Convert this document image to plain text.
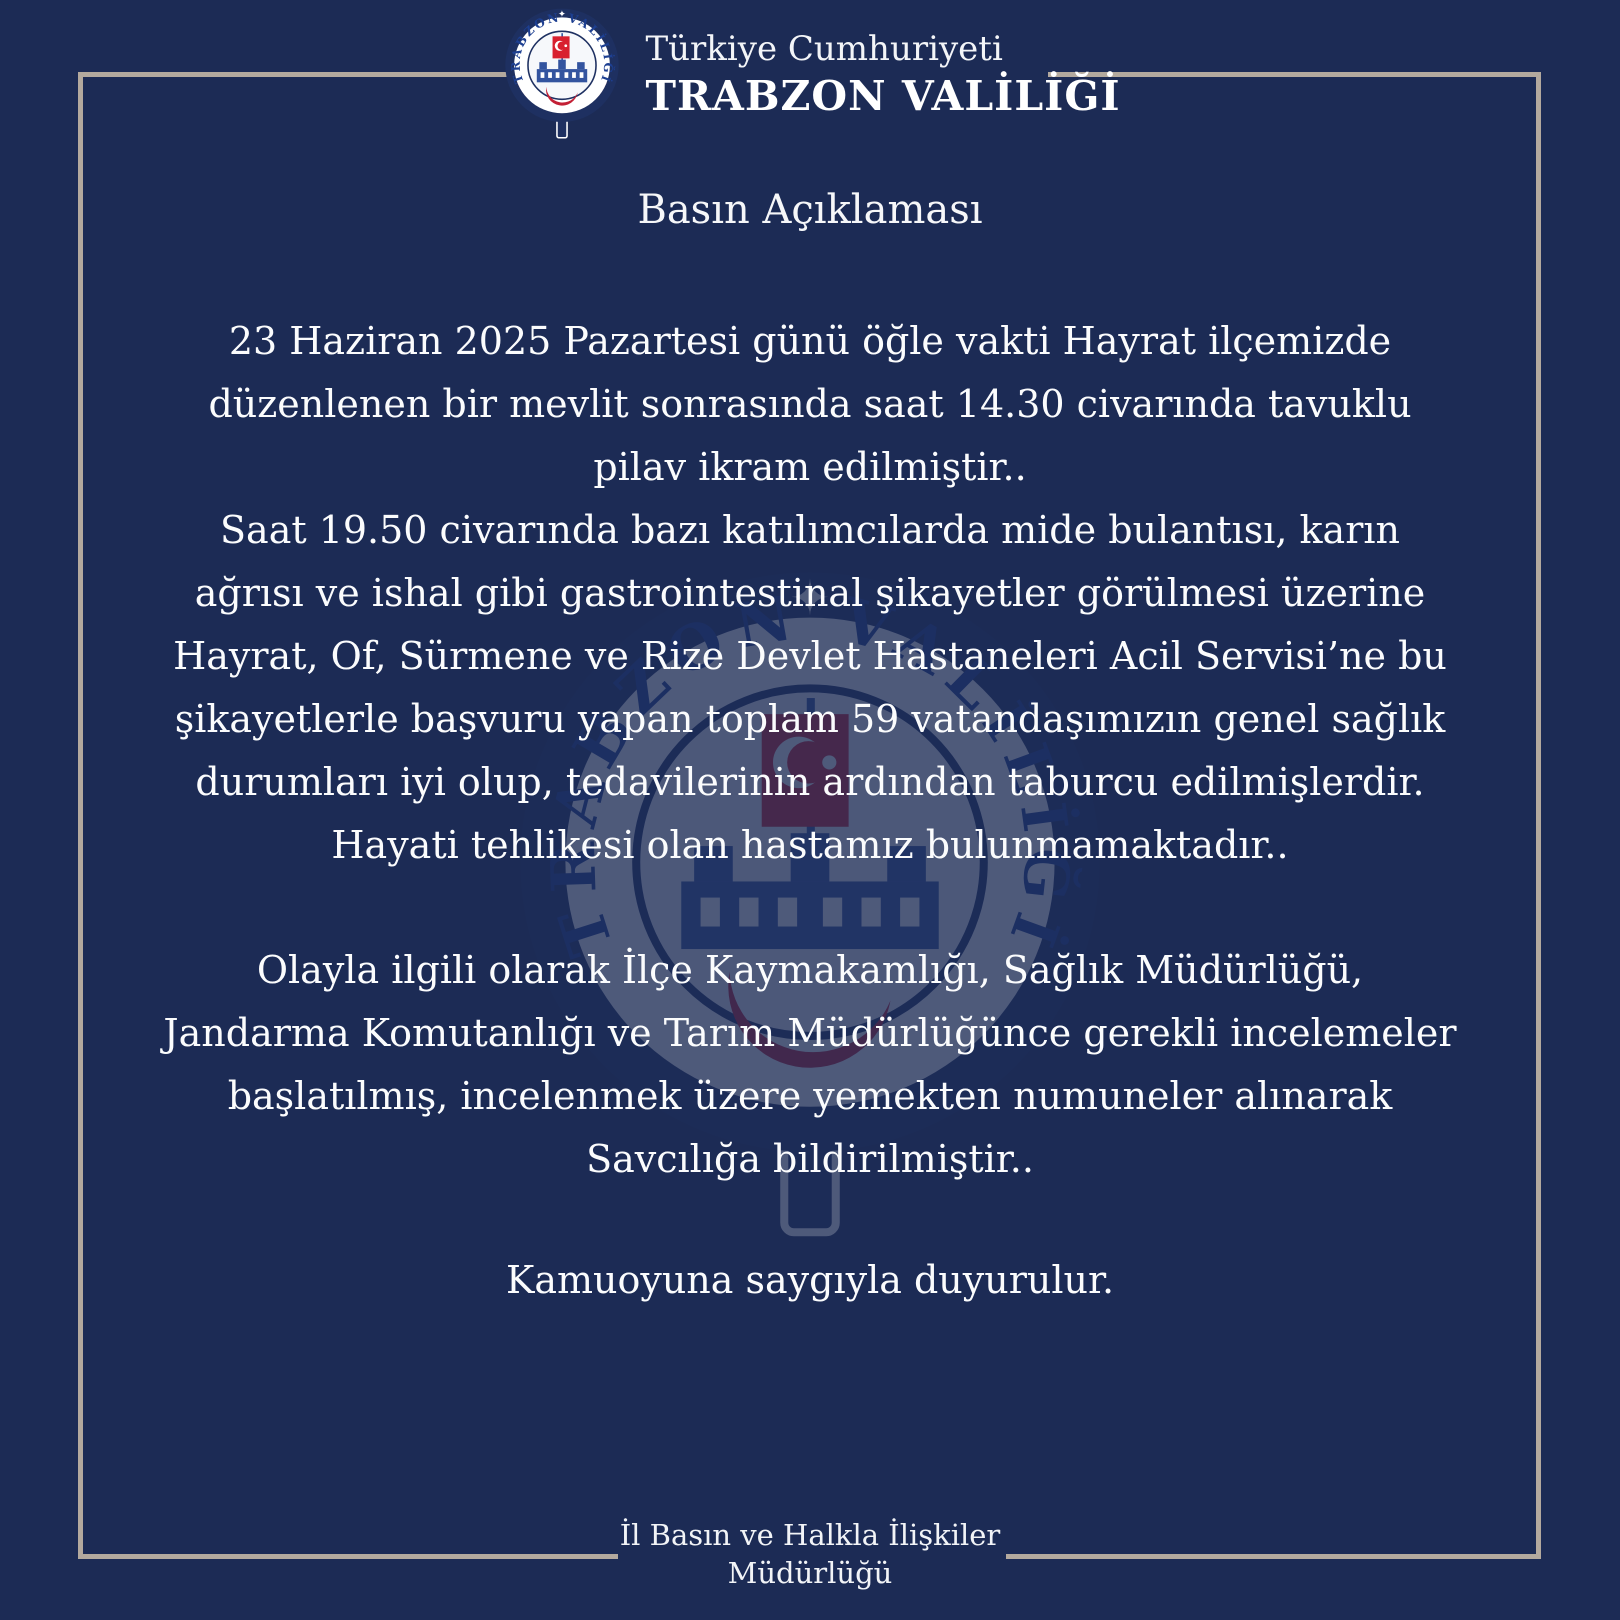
Türkiye Cumhuriyeti
TRABZON VALİLİĞİ
Basın Açıklaması

23 Haziran 2025 Pazartesi günü öğle vakti Hayrat ilçemizde düzenlenen bir mevlit sonrasında saat 14.30 civarında tavuklu pilav ikram edilmiştir..

Saat 19.50 civarında bazı katılımcılarda mide bulantısı, karın ağrısı ve ishal gibi gastrointestinal şikayetler görülmesi üzerine

Hayrat, Of, Sürmene ve Rize Devlet Hastaneleri Acil Servisi’ne bu şikayetlerle başvuru yapan toplam 59 vatandaşımızın genel sağlık durumları iyi olup, tedavilerinin ardından taburcu edilmişlerdir. Hayati tehlikesi olan hastamız bulunmamaktadır..

Olayla ilgili olarak İlçe Kaymakamlığı, Sağlık Müdürlüğü, Jandarma Komutanlığı ve Tarım Müdürlüğünce gerekli incelemeler başlatılmış, incelenmek üzere yemekten numuneler alınarak Savcılığa bildirilmiştir..

Kamuoyuna saygıyla duyurulur.

İl Basın ve Halkla İlişkiler
Müdürlüğü
